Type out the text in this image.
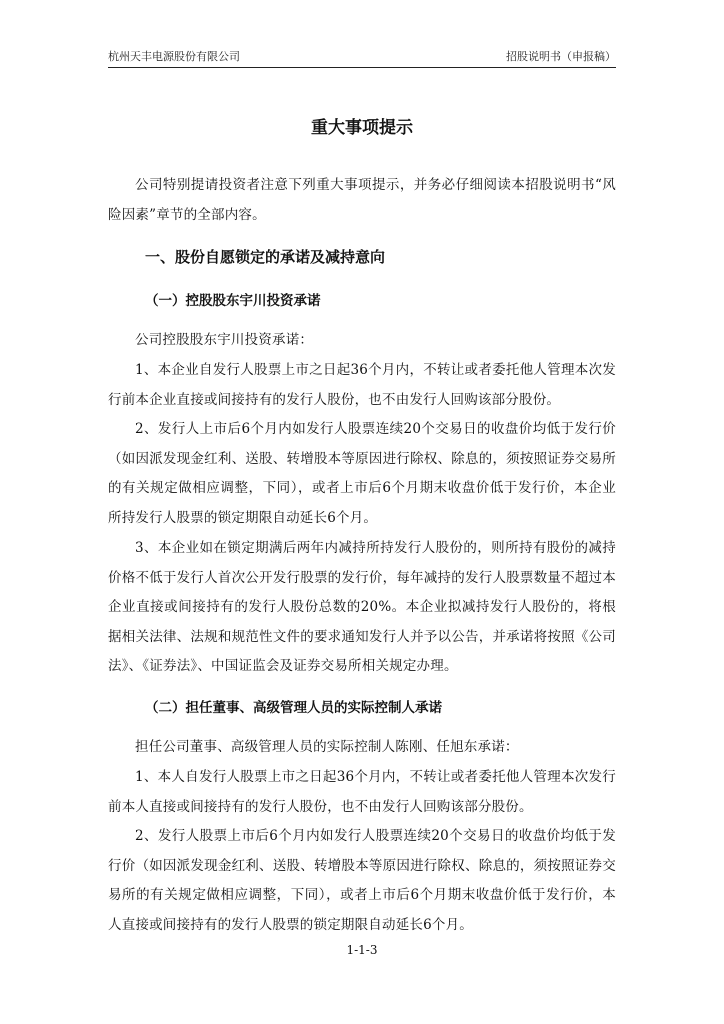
杭州天丰电源股份有限公司	招股说明书（申报稿）
重大事项提示

公司特别提请投资者注意下列重大事项提示，并务必仔细阅读本招股说明书“风险因素”章节的全部内容。

一、股份自愿锁定的承诺及减持意向
（一）控股股东宇川投资承诺

公司控股股东宇川投资承诺：

1、本企业自发行人股票上市之日起36个月内，不转让或者委托他人管理本次发行前本企业直接或间接持有的发行人股份，也不由发行人回购该部分股份。

2、发行人上市后6个月内如发行人股票连续20个交易日的收盘价均低于发行价（如因派发现金红利、送股、转增股本等原因进行除权、除息的，须按照证券交易所的有关规定做相应调整，下同），或者上市后6个月期末收盘价低于发行价，本企业所持发行人股票的锁定期限自动延长6个月。

3、本企业如在锁定期满后两年内减持所持发行人股份的，则所持有股份的减持价格不低于发行人首次公开发行股票的发行价，每年减持的发行人股票数量不超过本企业直接或间接持有的发行人股份总数的20%。本企业拟减持发行人股份的，将根据相关法律、法规和规范性文件的要求通知发行人并予以公告，并承诺将按照《公司法》、《证券法》、中国证监会及证券交易所相关规定办理。

（二）担任董事、高级管理人员的实际控制人承诺

担任公司董事、高级管理人员的实际控制人陈刚、任旭东承诺：

1、本人自发行人股票上市之日起36个月内，不转让或者委托他人管理本次发行前本人直接或间接持有的发行人股份，也不由发行人回购该部分股份。

2、发行人股票上市后6个月内如发行人股票连续20个交易日的收盘价均低于发行价（如因派发现金红利、送股、转增股本等原因进行除权、除息的，须按照证券交易所的有关规定做相应调整，下同），或者上市后6个月期末收盘价低于发行价，本人直接或间接持有的发行人股票的锁定期限自动延长6个月。

1-1-3
